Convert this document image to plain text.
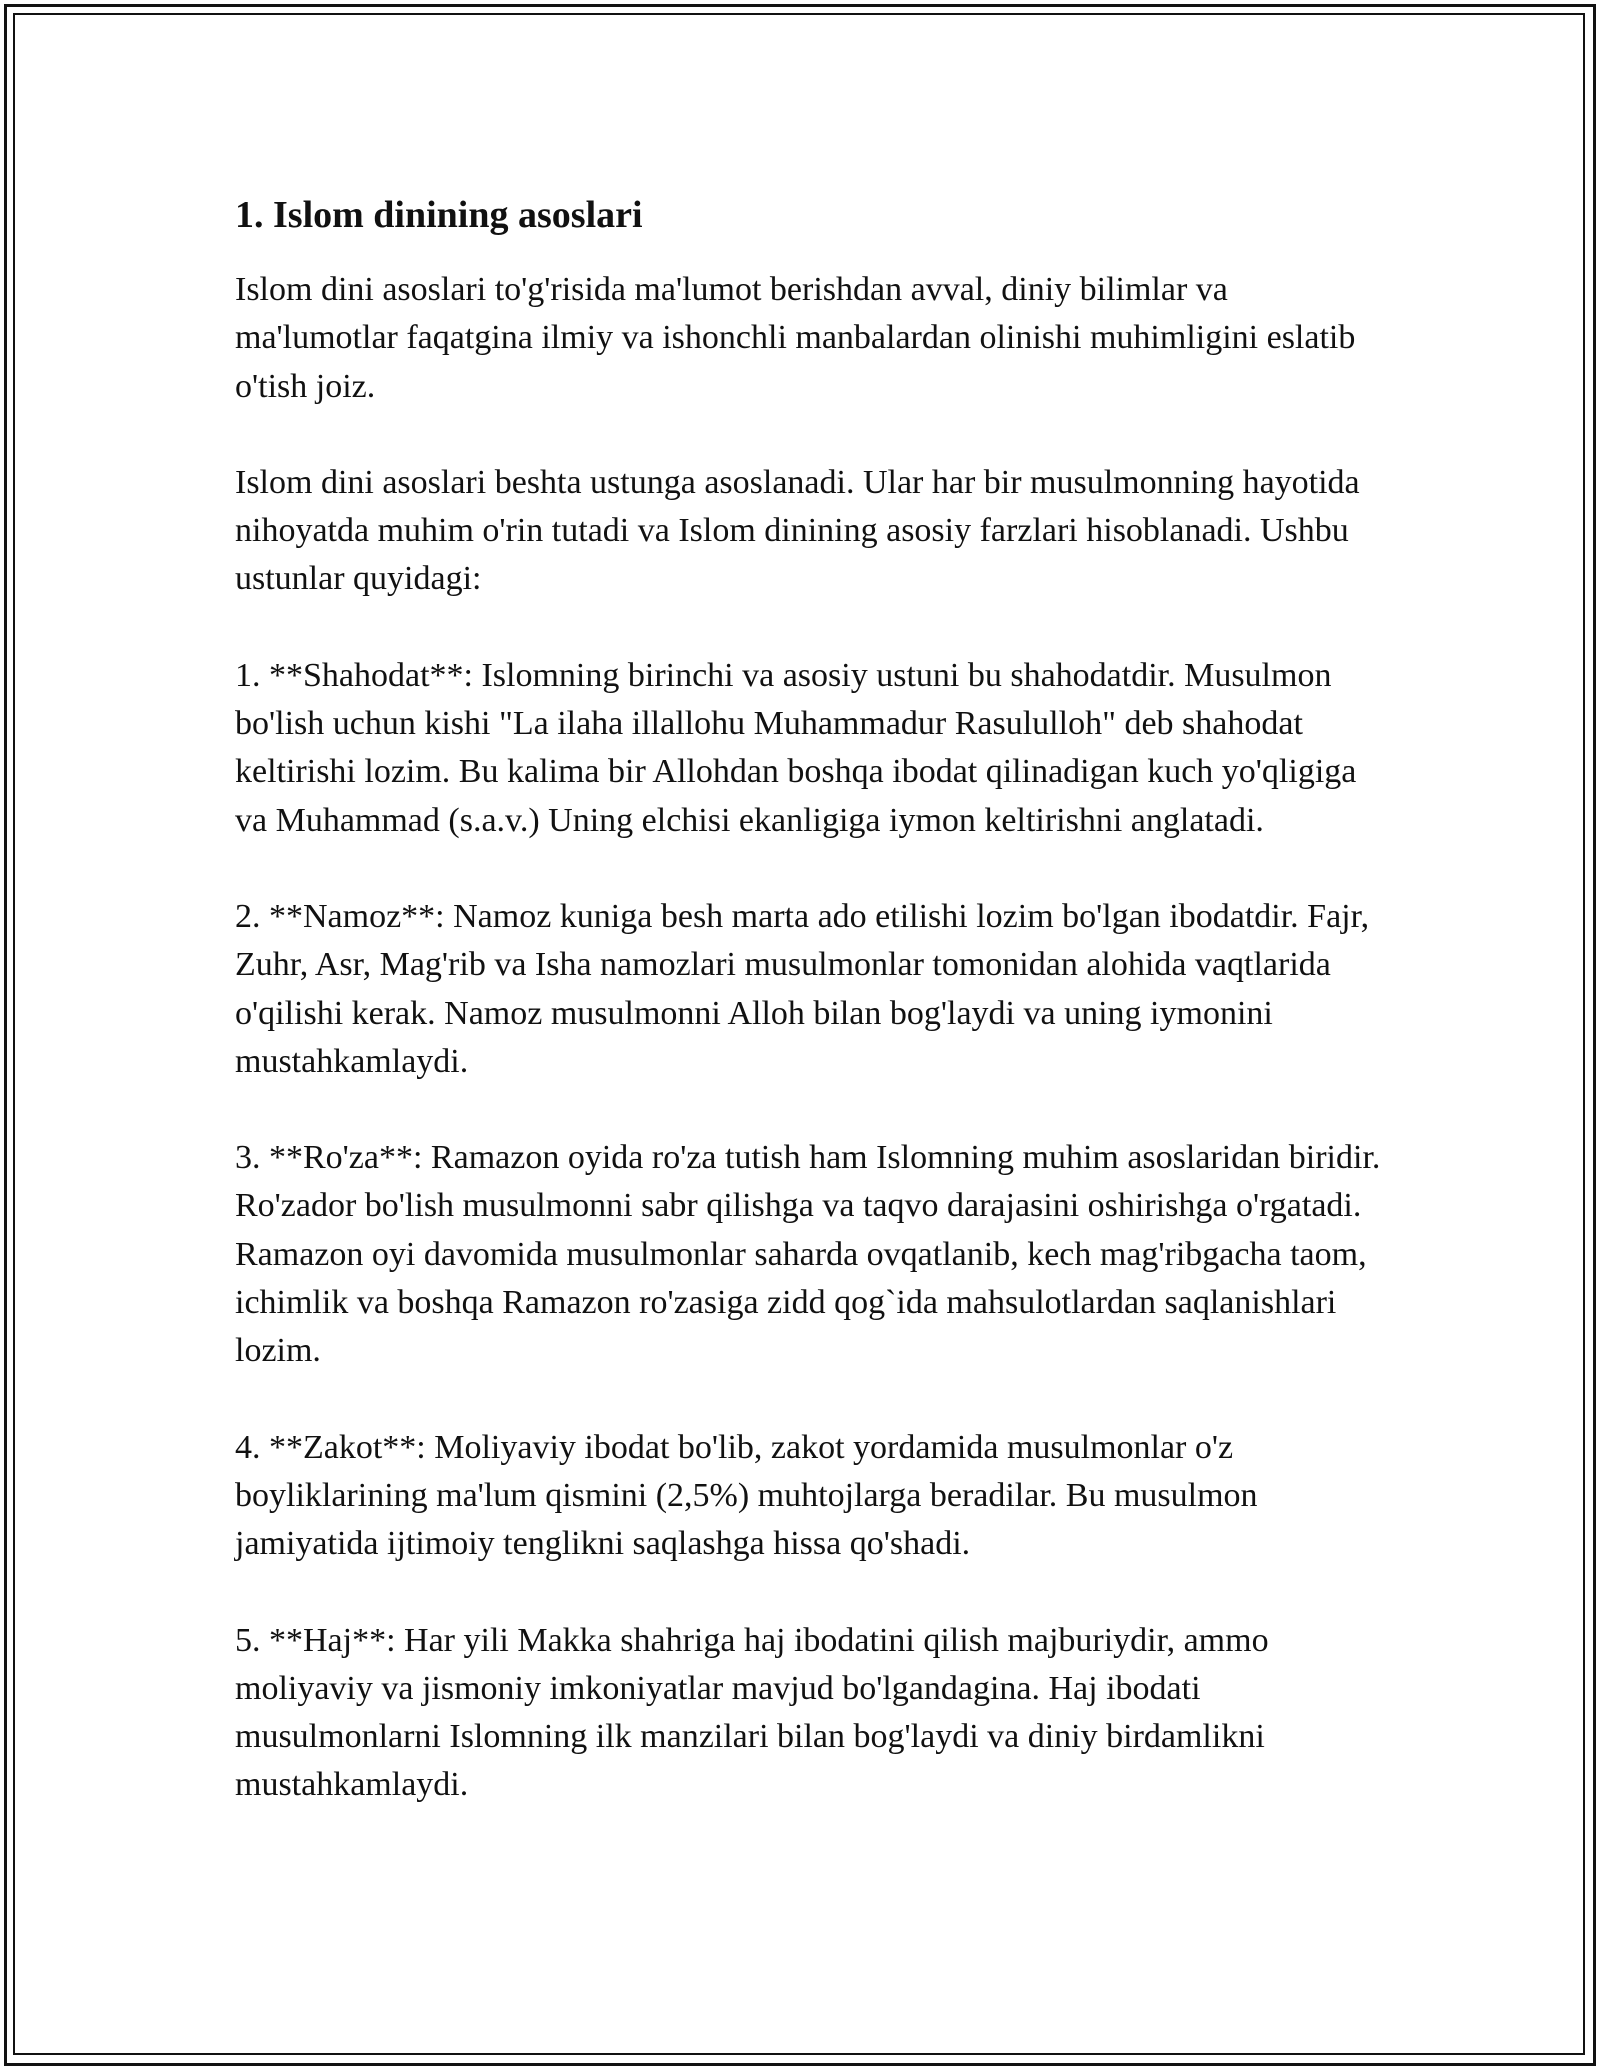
1. Islom dinining asoslari

Islom dini asoslari to'g'risida ma'lumot berishdan avval, diniy bilimlar va ma'lumotlar faqatgina ilmiy va ishonchli manbalardan olinishi muhimligini eslatib o'tish joiz.

Islom dini asoslari beshta ustunga asoslanadi. Ular har bir musulmonning hayotida nihoyatda muhim o'rin tutadi va Islom dinining asosiy farzlari hisoblanadi. Ushbu ustunlar quyidagi:

1. **Shahodat**: Islomning birinchi va asosiy ustuni bu shahodatdir. Musulmon bo'lish uchun kishi "La ilaha illallohu Muhammadur Rasululloh" deb shahodat keltirishi lozim. Bu kalima bir Allohdan boshqa ibodat qilinadigan kuch yo'qligiga va Muhammad (s.a.v.) Uning elchisi ekanligiga iymon keltirishni anglatadi.

2. **Namoz**: Namoz kuniga besh marta ado etilishi lozim bo'lgan ibodatdir. Fajr, Zuhr, Asr, Mag'rib va Isha namozlari musulmonlar tomonidan alohida vaqtlarida o'qilishi kerak. Namoz musulmonni Alloh bilan bog'laydi va uning iymonini mustahkamlaydi.

3. **Ro'za**: Ramazon oyida ro'za tutish ham Islomning muhim asoslaridan biridir. Ro'zador bo'lish musulmonni sabr qilishga va taqvo darajasini oshirishga o'rgatadi. Ramazon oyi davomida musulmonlar saharda ovqatlanib, kech mag'ribgacha taom, ichimlik va boshqa Ramazon ro'zasiga zidd qog`ida mahsulotlardan saqlanishlari lozim.

4. **Zakot**: Moliyaviy ibodat bo'lib, zakot yordamida musulmonlar o'z boyliklarining ma'lum qismini (2,5%) muhtojlarga beradilar. Bu musulmon jamiyatida ijtimoiy tenglikni saqlashga hissa qo'shadi.

5. **Haj**: Har yili Makka shahriga haj ibodatini qilish majburiydir, ammo moliyaviy va jismoniy imkoniyatlar mavjud bo'lgandagina. Haj ibodati musulmonlarni Islomning ilk manzilari bilan bog'laydi va diniy birdamlikni mustahkamlaydi.
